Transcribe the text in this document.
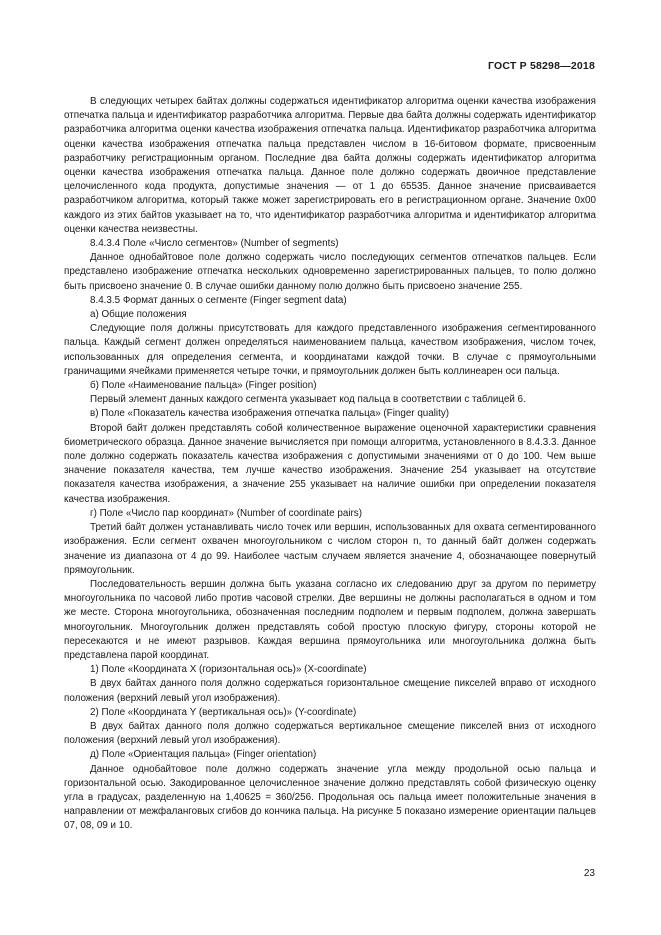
ГОСТ Р 58298—2018

В следующих четырех байтах должны содержаться идентификатор алгоритма оценки качества изображения отпечатка пальца и идентификатор разработчика алгоритма. Первые два байта должны содержать идентификатор разработчика алгоритма оценки качества изображения отпечатка пальца. Идентификатор разработчика алгоритма оценки качества изображения отпечатка пальца представлен числом в 16-битовом формате, присвоенным разработчику регистрационным органом. Последние два байта должны содержать идентификатор алгоритма оценки качества изображения отпечатка пальца. Данное поле должно содержать двоичное представление целочисленного кода продукта, допустимые значения — от 1 до 65535. Данное значение присваивается разработчиком алгоритма, который также может зарегистрировать его в регистрационном органе. Значение 0x00 каждого из этих байтов указывает на то, что идентификатор разработчика алгоритма и идентификатор алгоритма оценки качества неизвестны.

8.4.3.4 Поле «Число сегментов» (Number of segments)

Данное однобайтовое поле должно содержать число последующих сегментов отпечатков пальцев. Если представлено изображение отпечатка нескольких одновременно зарегистрированных пальцев, то полю должно быть присвоено значение 0. В случае ошибки данному полю должно быть присвоено значение 255.

8.4.3.5 Формат данных о сегменте (Finger segment data)

а) Общие положения

Следующие поля должны присутствовать для каждого представленного изображения сегментированного пальца. Каждый сегмент должен определяться наименованием пальца, качеством изображения, числом точек, использованных для определения сегмента, и координатами каждой точки. В случае с прямоугольными граничащими ячейками применяется четыре точки, и прямоугольник должен быть коллинеарен оси пальца.

б) Поле «Наименование пальца» (Finger position)

Первый элемент данных каждого сегмента указывает код пальца в соответствии с таблицей 6.

в) Поле «Показатель качества изображения отпечатка пальца» (Finger quality)

Второй байт должен представлять собой количественное выражение оценочной характеристики сравнения биометрического образца. Данное значение вычисляется при помощи алгоритма, установленного в 8.4.3.3. Данное поле должно содержать показатель качества изображения с допустимыми значениями от 0 до 100. Чем выше значение показателя качества, тем лучше качество изображения. Значение 254 указывает на отсутствие показателя качества изображения, а значение 255 указывает на наличие ошибки при определении показателя качества изображения.

г) Поле «Число пар координат» (Number of coordinate pairs)

Третий байт должен устанавливать число точек или вершин, использованных для охвата сегментированного изображения. Если сегмент охвачен многоугольником с числом сторон n, то данный байт должен содержать значение из диапазона от 4 до 99. Наиболее частым случаем является значение 4, обозначающее повернутый прямоугольник.

Последовательность вершин должна быть указана согласно их следованию друг за другом по периметру многоугольника по часовой либо против часовой стрелки. Две вершины не должны располагаться в одном и том же месте. Сторона многоугольника, обозначенная последним подполем и первым подполем, должна завершать многоугольник. Многоугольник должен представлять собой простую плоскую фигуру, стороны которой не пересекаются и не имеют разрывов. Каждая вершина прямоугольника или многоугольника должна быть представлена парой координат.

1) Поле «Координата X (горизонтальная ось)» (X-coordinate)

В двух байтах данного поля должно содержаться горизонтальное смещение пикселей вправо от исходного положения (верхний левый угол изображения).

2) Поле «Координата Y (вертикальная ось)» (Y-coordinate)

В двух байтах данного поля должно содержаться вертикальное смещение пикселей вниз от исходного положения (верхний левый угол изображения).

д) Поле «Ориентация пальца» (Finger orientation)

Данное однобайтовое поле должно содержать значение угла между продольной осью пальца и горизонтальной осью. Закодированное целочисленное значение должно представлять собой физическую оценку угла в градусах, разделенную на 1,40625 = 360/256. Продольная ось пальца имеет положительные значения в направлении от межфаланговых сгибов до кончика пальца. На рисунке 5 показано измерение ориентации пальцев 07, 08, 09 и 10.

23
